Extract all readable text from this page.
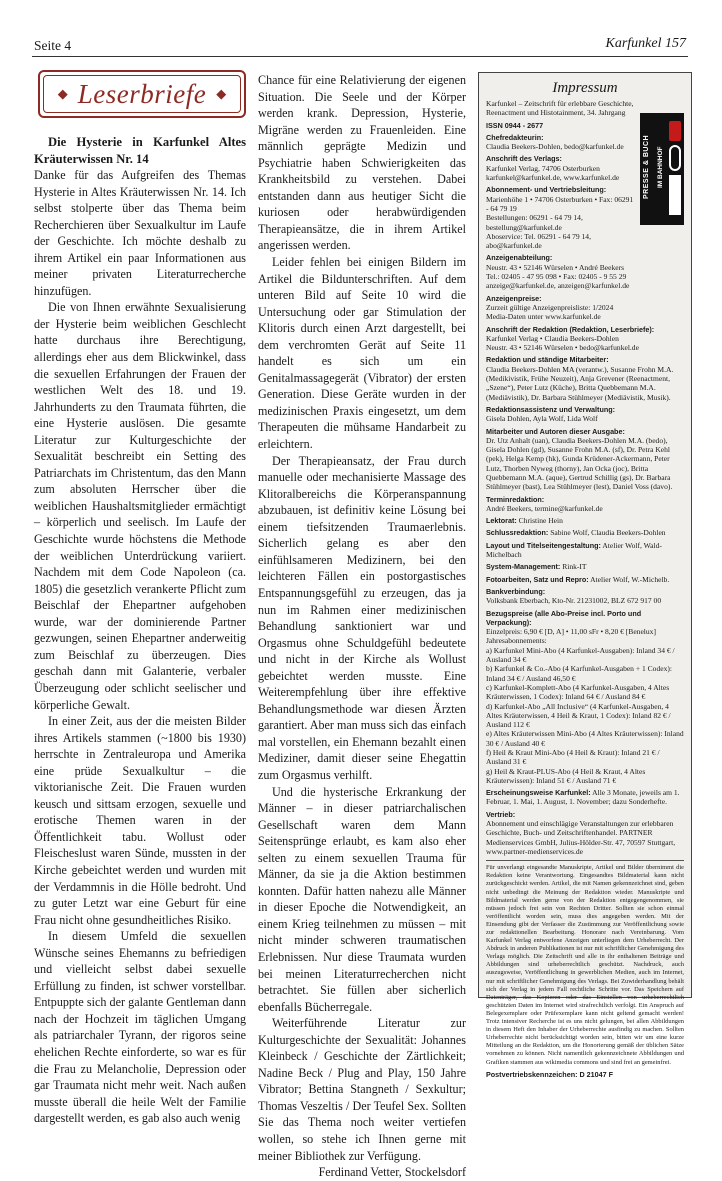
Seite 4	Karfunkel 157
◆ Leserbriefe ◆

Die Hysterie in Karfunkel Altes Kräuterwissen Nr. 14

Danke für das Aufgreifen des Themas Hysterie in Altes Kräuterwissen Nr. 14. Ich selbst stolperte über das Thema beim Recherchieren über Sexualkultur im Laufe der Geschichte. Ich möchte deshalb zu ihrem Artikel ein paar Informationen aus meiner privaten Literaturrecherche hinzufügen.

Die von Ihnen erwähnte Sexualisierung der Hysterie beim weiblichen Geschlecht hatte durchaus ihre Berechtigung, allerdings eher aus dem Blickwinkel, dass die sexuellen Erfahrungen der Frauen der westlichen Welt des 18. und 19. Jahrhunderts zu den Traumata führten, die eine Hysterie auslösen. Die gesamte Literatur zur Kulturgeschichte der Sexualität beschreibt ein Setting des Patriarchats im Christentum, das den Mann zum absoluten Herrscher über die weiblichen Haushaltsmitglieder ermächtigt – körperlich und seelisch. Im Laufe der Geschichte wurde höchstens die Methode der weiblichen Unterdrückung variiert. Nachdem mit dem Code Napoleon (ca. 1805) die gesetzlich verankerte Pflicht zum Beischlaf der Ehepartner aufgehoben wurde, war der dominierende Partner gezwungen, seinen Ehepartner anderweitig zum Beischlaf zu überzeugen. Dies geschah dann mit Galanterie, verbaler Überzeugung oder schlicht seelischer und körperliche Gewalt.

In einer Zeit, aus der die meisten Bilder ihres Artikels stammen (~1800 bis 1930) herrschte in Zentraleuropa und Amerika eine prüde Sexualkultur – die viktorianische Zeit. Die Frauen wurden keusch und sittsam erzogen, sexuelle und erotische Themen waren in der Öffentlichkeit tabu. Wollust oder Fleischeslust waren Sünde, mussten in der Kirche gebeichtet werden und wurden mit der Verdammnis in die Hölle bedroht. Und zu guter Letzt war eine Geburt für eine Frau nicht ohne gesundheitliches Risiko.

In diesem Umfeld die sexuellen Wünsche seines Ehemanns zu befriedigen und vielleicht selbst dabei sexuelle Erfüllung zu finden, ist schwer vorstellbar. Entpuppte sich der galante Gentleman dann nach der Hochzeit im täglichen Umgang als patriarchaler Tyrann, der rigoros seine ehelichen Rechte einforderte, so war es für die Frau zu Melancholie, Depression oder gar Traumata nicht mehr weit. Nach außen musste überall die heile Welt der Familie dargestellt werden, es gab also auch wenig

Chance für eine Relativierung der eigenen Situation. Die Seele und der Körper werden krank. Depression, Hysterie, Migräne werden zu Frauenleiden. Eine männlich geprägte Medizin und Psychiatrie haben Schwierigkeiten das Krankheitsbild zu verstehen. Dabei entstanden dann aus heutiger Sicht die kuriosen oder herabwürdigenden Therapieansätze, die in ihrem Artikel angerissen werden.

Leider fehlen bei einigen Bildern im Artikel die Bildunterschriften. Auf dem unteren Bild auf Seite 10 wird die Untersuchung oder gar Stimulation der Klitoris durch einen Arzt dargestellt, bei dem verchromten Gerät auf Seite 11 handelt es sich um ein Genitalmassagegerät (Vibrator) der ersten Generation. Diese Geräte wurden in der medizinischen Praxis eingesetzt, um dem Therapeuten die mühsame Handarbeit zu erleichtern.

Der Therapieansatz, der Frau durch manuelle oder mechanisierte Massage des Klitoralbereichs die Körperanspannung abzubauen, ist definitiv keine Lösung bei einem tiefsitzenden Traumaerlebnis. Sicherlich gelang es aber den einfühlsameren Medizinern, bei den leichteren Fällen ein postorgastisches Entspannungsgefühl zu erzeugen, das ja nun im Rahmen einer medizinischen Behandlung sanktioniert war und Orgasmus ohne Schuldgefühl bedeutete und nicht in der Kirche als Wollust gebeichtet werden musste. Eine Weiterempfehlung über ihre effektive Behandlungsmethode war diesen Ärzten garantiert. Aber man muss sich das einfach mal vorstellen, ein Ehemann bezahlt einen Mediziner, damit dieser seine Ehegattin zum Orgasmus verhilft.

Und die hysterische Erkrankung der Männer – in dieser patriarchalischen Gesellschaft waren dem Mann Seitensprünge erlaubt, es kam also eher selten zu einem sexuellen Trauma für Männer, da sie ja die Aktion bestimmen konnten. Dafür hatten nahezu alle Männer in dieser Epoche die Notwendigkeit, an einem Krieg teilnehmen zu müssen – mit nicht minder schweren traumatischen Erlebnissen. Nur diese Traumata wurden bei meinen Literaturrecherchen nicht betrachtet. Sie füllen aber sicherlich ebenfalls Bücherregale.

Weiterführende Literatur zur Kulturgeschichte der Sexualität: Johannes Kleinbeck / Geschichte der Zärtlichkeit; Nadine Beck / Plug and Play, 150 Jahre Vibrator; Bettina Stangneth / Sexkultur; Thomas Veszeltis / Der Teufel Sex. Sollten Sie das Thema noch weiter vertiefen wollen, so stehe ich Ihnen gerne mit meiner Bibliothek zur Verfügung.

Ferdinand Vetter, Stockelsdorf

Impressum
Karfunkel – Zeitschrift für erlebbare Geschichte, Reenactment und Histotainment, 34. Jahrgang
ISSN 0944 - 2677
Chefredakteurin:
Claudia Beekers-Dohlen, bedo@karfunkel.de
Anschrift des Verlags:
Karfunkel Verlag, 74706 Osterburken
karfunkel@karfunkel.de, www.karfunkel.de
Abonnement- und Vertriebsleitung:
Marienhöhe 1 • 74706 Osterburken • Fax: 06291 - 64 79 19
Bestellungen: 06291 - 64 79 14, bestellung@karfunkel.de
Aboservice: Tel. 06291 - 64 79 14, abo@karfunkel.de
PRESSE & BUCH	IM BAHNHOF
Anzeigenabteilung:
Neustr. 43 • 52146 Würselen • André Beekers
Tel.: 02405 - 47 95 098 • Fax: 02405 - 9 55 29
anzeige@karfunkel.de, anzeigen@karfunkel.de
Anzeigenpreise:
Zurzeit gültige Anzeigenpreisliste: 1/2024
Media-Daten unter www.karfunkel.de
Anschrift der Redaktion (Redaktion, Leserbriefe):
Karfunkel Verlag • Claudia Beekers-Dohlen
Neustr. 43 • 52146 Würselen • bedo@karfunkel.de
Redaktion und ständige Mitarbeiter:
Claudia Beekers-Dohlen MA (verantw.), Susanne Frohn M.A. (Medikivistik, Frühe Neuzeit), Anja Grevener (Reenactment, „Szene“), Peter Lutz (Küche), Britta Quebbemann M.A. (Mediävistik), Dr. Barbara Stühlmeyer (Mediävistik, Musik).
Redaktionsassistenz und Verwaltung:
Gisela Dohlen, Ayla Wolf, Lida Wolf
Mitarbeiter und Autoren dieser Ausgabe:
Dr. Utz Anhalt (uan), Claudia Beekers-Dohlen M.A. (bedo), Gisela Dohlen (gd), Susanne Frohn M.A. (sf), Dr. Petra Kehl (pek), Helga Kemp (hk), Gunda Krüdener-Ackermann, Peter Lutz, Thorben Nyweg (thorny), Jan Ocka (joc), Britta Quebbemann M.A. (aque), Gertrud Schillig (gs), Dr. Barbara Stühlmeyer (bast), Lea Stühlmeyer (lest), Daniel Voss (davo).
Terminredaktion:
André Beekers, termine@karfunkel.de
Lektorat: Christine Hein
Schlussredaktion: Sabine Wolf, Claudia Beekers-Dohlen
Layout und Titelseitengestaltung: Atelier Wolf, Wald-Michelbach
System-Management: Rink-IT
Fotoarbeiten, Satz und Repro: Atelier Wolf, W.-Michelb.
Bankverbindung:
Volksbank Eberbach, Kto-Nr. 21231002, BLZ 672 917 00
Bezugspreise (alle Abo-Preise incl. Porto und Verpackung):
Einzelpreis: 6,90 € [D, A] • 11,00 sFr • 8,20 € [Benelux]
Jahresabonnements:
a) Karfunkel Mini-Abo (4 Karfunkel-Ausgaben): Inland 34 € / Ausland 34 €
b) Karfunkel & Co.-Abo (4 Karfunkel-Ausgaben + 1 Codex): Inland 34 € / Ausland 46,50 €
c) Karfunkel-Komplett-Abo (4 Karfunkel-Ausgaben, 4 Altes Kräuterwissen, 1 Codex): Inland 64 € / Ausland 84 €
d) Karfunkel-Abo „All Inclusive“ (4 Karfunkel-Ausgaben, 4 Altes Kräuterwissen, 4 Heil & Kraut, 1 Codex): Inland 82 € / Ausland 112 €
e) Altes Kräuterwissen Mini-Abo (4 Altes Kräuterwissen): Inland 30 € / Ausland 40 €
f) Heil & Kraut Mini-Abo (4 Heil & Kraut): Inland 21 € / Ausland 31 €
g) Heil & Kraut-PLUS-Abo (4 Heil & Kraut, 4 Altes Kräuterwissen): Inland 51 € / Ausland 71 €
Erscheinungsweise Karfunkel: Alle 3 Monate, jeweils am 1. Februar, 1. Mai, 1. August, 1. November; dazu Sonderhefte.
Vertrieb:
Abonnement und einschlägige Veranstaltungen zur erlebbaren Geschichte, Buch- und Zeitschriftenhandel. PARTNER Medienservices GmbH, Julius-Hölder-Str. 47, 70597 Stuttgart, www.partner-medienservices.de
Für unverlangt eingesandte Manuskripte, Artikel und Bilder übernimmt die Redaktion keine Verantwortung. Eingesandtes Bildmaterial kann nicht zurückgeschickt werden. Artikel, die mit Namen gekennzeichnet sind, geben nicht unbedingt die Meinung der Redaktion wieder. Manuskripte und Bildmaterial werden gerne von der Redaktion entgegengenommen, sie müssen jedoch frei sein von Rechten Dritter. Sollten sie schon einmal veröffentlicht worden sein, muss dies angegeben werden. Mit der Einsendung gibt der Verfasser die Zustimmung zur Veröffentlichung sowie zur redaktionellen Bearbeitung. Honorare nach Vereinbarung. Vom Karfunkel Verlag entworfene Anzeigen unterliegen dem Urheberrecht. Der Abdruck in anderen Publikationen ist nur mit schriftlicher Genehmigung des Verlags möglich. Die Zeitschrift und alle in ihr enthaltenen Beiträge und Abbildungen sind urheberrechtlich geschützt. Nachdruck, auch auszugsweise, Veröffentlichung in gewerblichen Medien, auch im Internet, nur mit schriftlicher Genehmigung des Verlags. Bei Zuwiderhandlung behält sich der Verlag in jedem Fall rechtliche Schritte vor. Das Speichern auf Datenträger, das Kopieren oder das Einstellen von urheberrechtlich geschützten Daten im Internet wird strafrechtlich verfolgt. Ein Anspruch auf Belegexemplare oder Prüfexemplare kann nicht geltend gemacht werden! Trotz intensiver Recherche ist es uns nicht gelungen, bei allen Abbildungen in diesem Heft den Inhaber der Urheberrechte ausfindig zu machen. Sollten Urheberrechte nicht berücksichtigt worden sein, bitten wir um eine kurze Mitteilung an die Redaktion, um die Honorierung gemäß der üblichen Sätze vornehmen zu können. Nicht namentlich gekennzeichnete Abbildungen und Grafiken stammen aus wikimedia commons und sind frei an gemeinfrei.
Postvertriebskennzeichen: D 21047 F
